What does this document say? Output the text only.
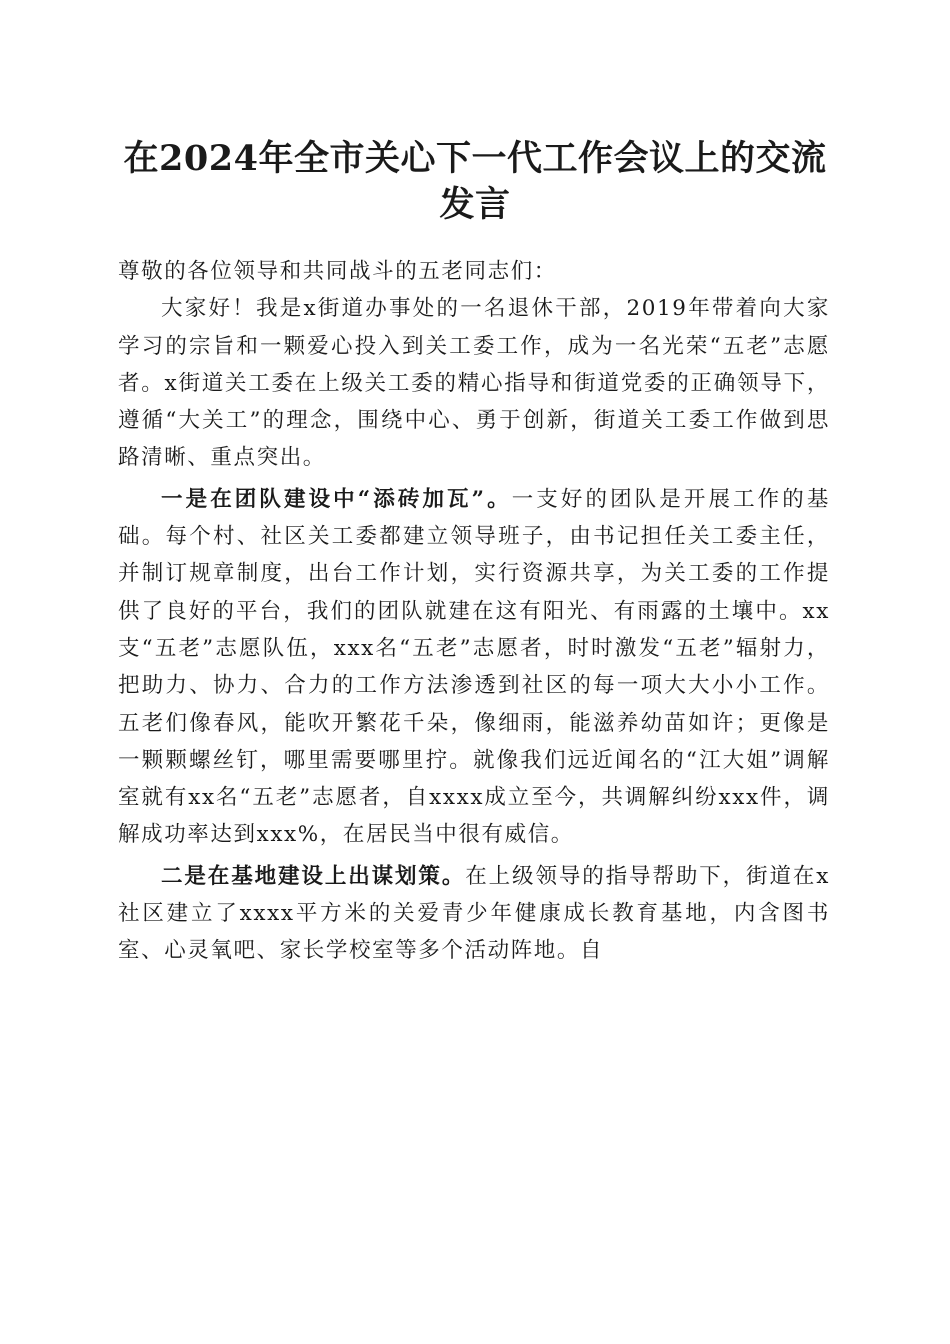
在2024年全市关心下一代工作会议上的交流
发言

尊敬的各位领导和共同战斗的五老同志们：

大家好！我是x街道办事处的一名退休干部，2019年带着向大家学习的宗旨和一颗爱心投入到关工委工作，成为一名光荣“五老”志愿者。x街道关工委在上级关工委的精心指导和街道党委的正确领导下，遵循“大关工”的理念，围绕中心、勇于创新，街道关工委工作做到思路清晰、重点突出。

一是在团队建设中“添砖加瓦”。一支好的团队是开展工作的基础。每个村、社区关工委都建立领导班子，由书记担任关工委主任，并制订规章制度，出台工作计划，实行资源共享，为关工委的工作提供了良好的平台，我们的团队就建在这有阳光、有雨露的土壤中。xx支“五老”志愿队伍，xxx名“五老”志愿者，时时激发“五老”辐射力，把助力、协力、合力的工作方法渗透到社区的每一项大大小小工作。五老们像春风，能吹开繁花千朵，像细雨，能滋养幼苗如许；更像是一颗颗螺丝钉，哪里需要哪里拧。就像我们远近闻名的“江大姐”调解室就有xx名“五老”志愿者，自xxxx成立至今，共调解纠纷xxx件，调解成功率达到xxx%，在居民当中很有威信。

二是在基地建设上出谋划策。在上级领导的指导帮助下，街道在x社区建立了xxxx平方米的关爱青少年健康成长教育基地，内含图书室、心灵氧吧、家长学校室等多个活动阵地。自
